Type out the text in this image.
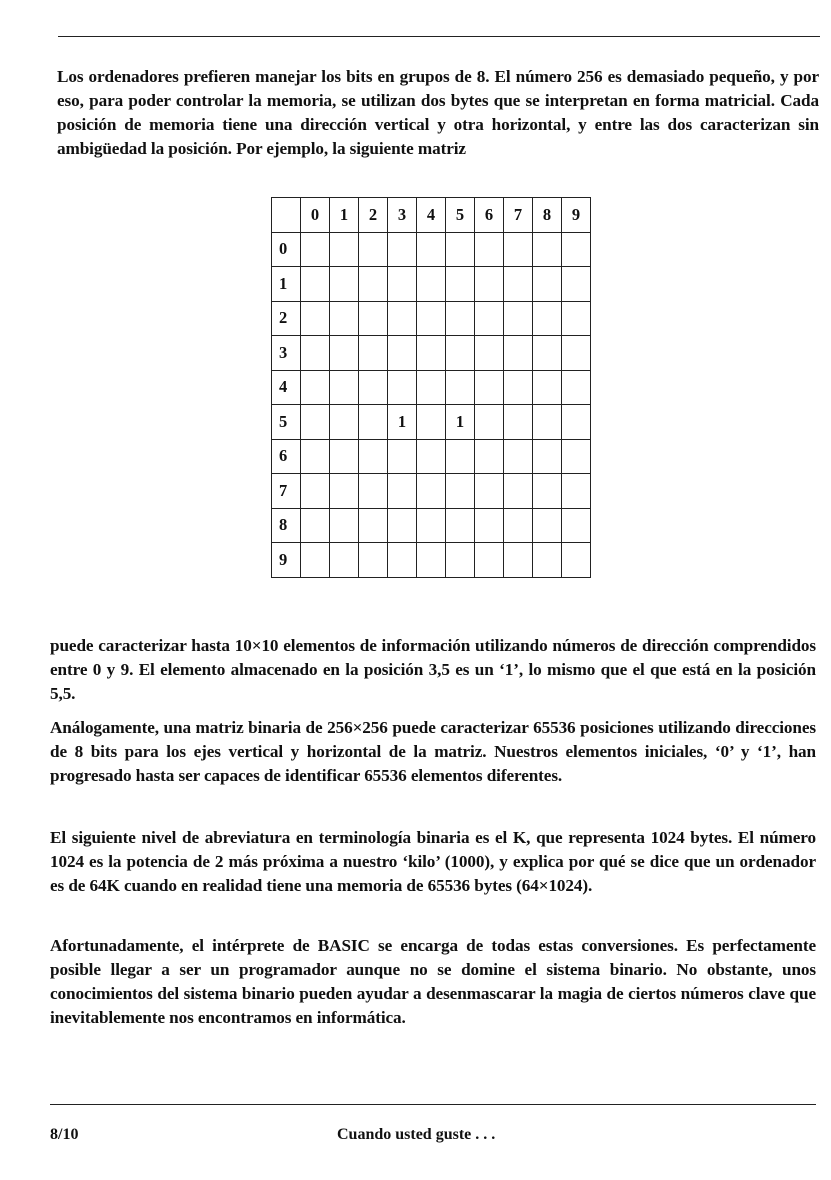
Los ordenadores prefieren manejar los bits en grupos de 8. El número 256 es demasiado pequeño, y por eso, para poder controlar la memoria, se utilizan dos bytes que se interpretan en forma matricial. Cada posición de memoria tiene una dirección vertical y otra horizontal, y entre las dos caracterizan sin ambigüedad la posición. Por ejemplo, la siguiente matriz

	0	1	2	3	4	5	6	7	8	9
0										
1										
2										
3										
4										
5				1		1				
6										
7										
8										
9										

puede caracterizar hasta 10×10 elementos de información utilizando números de dirección comprendidos entre 0 y 9. El elemento almacenado en la posición 3,5 es un ‘1’, lo mismo que el que está en la posición 5,5.

Análogamente, una matriz binaria de 256×256 puede caracterizar 65536 posiciones utilizando direcciones de 8 bits para los ejes vertical y horizontal de la matriz. Nuestros elementos iniciales, ‘0’ y ‘1’, han progresado hasta ser capaces de identificar 65536 elementos diferentes.

El siguiente nivel de abreviatura en terminología binaria es el K, que representa 1024 bytes. El número 1024 es la potencia de 2 más próxima a nuestro ‘kilo’ (1000), y explica por qué se dice que un ordenador es de 64K cuando en realidad tiene una memoria de 65536 bytes (64×1024).

Afortunadamente, el intérprete de BASIC se encarga de todas estas conversiones. Es perfectamente posible llegar a ser un programador aunque no se domine el sistema binario. No obstante, unos conocimientos del sistema binario pueden ayudar a desenmascarar la magia de ciertos números clave que inevitablemente nos encontramos en informática.

8/10	Cuando usted guste . . .
